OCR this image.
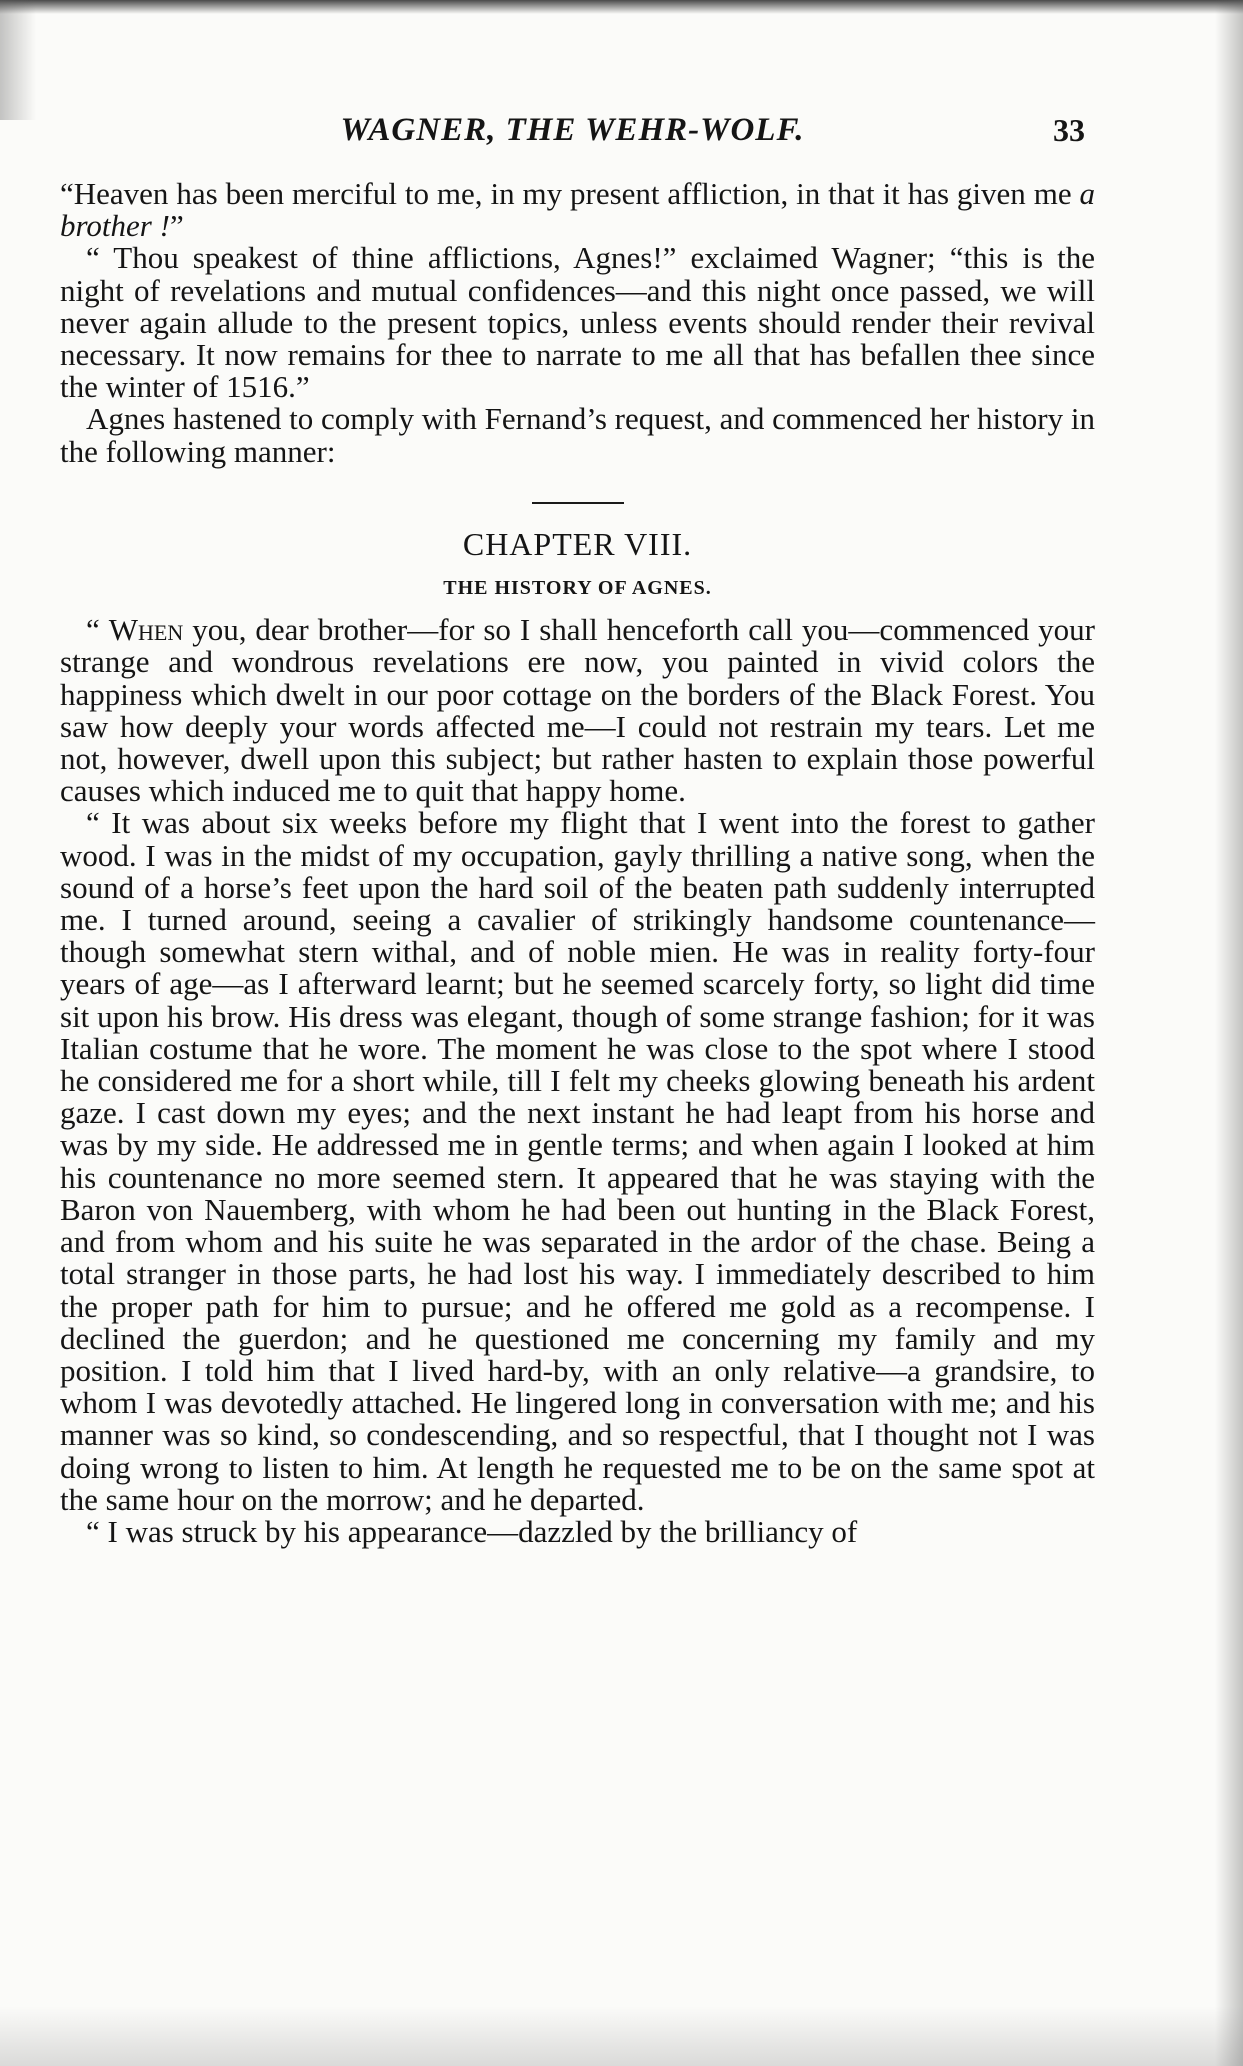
WAGNER, THE WEHR-WOLF.	33

“Heaven has been merciful to me, in my present affliction, in that it has given me a brother !”

“ Thou speakest of thine afflictions, Agnes!” exclaimed Wagner; “this is the night of revelations and mutual confidences—and this night once passed, we will never again allude to the present topics, unless events should render their revival necessary. It now remains for thee to narrate to me all that has befallen thee since the winter of 1516.”

Agnes hastened to comply with Fernand’s request, and commenced her history in the following manner:

CHAPTER VIII.
THE HISTORY OF AGNES.

“ When you, dear brother—for so I shall henceforth call you—commenced your strange and wondrous revelations ere now, you painted in vivid colors the happiness which dwelt in our poor cottage on the borders of the Black Forest. You saw how deeply your words affected me—I could not restrain my tears. Let me not, however, dwell upon this subject; but rather hasten to explain those powerful causes which induced me to quit that happy home.

“ It was about six weeks before my flight that I went into the forest to gather wood. I was in the midst of my occupation, gayly thrilling a native song, when the sound of a horse’s feet upon the hard soil of the beaten path suddenly interrupted me. I turned around, seeing a cavalier of strikingly handsome countenance—though somewhat stern withal, and of noble mien. He was in reality forty-four years of age—as I afterward learnt; but he seemed scarcely forty, so light did time sit upon his brow. His dress was elegant, though of some strange fashion; for it was Italian costume that he wore. The moment he was close to the spot where I stood he considered me for a short while, till I felt my cheeks glowing beneath his ardent gaze. I cast down my eyes; and the next instant he had leapt from his horse and was by my side. He addressed me in gentle terms; and when again I looked at him his countenance no more seemed stern. It appeared that he was staying with the Baron von Nauemberg, with whom he had been out hunting in the Black Forest, and from whom and his suite he was separated in the ardor of the chase. Being a total stranger in those parts, he had lost his way. I immediately described to him the proper path for him to pursue; and he offered me gold as a recompense. I declined the guerdon; and he questioned me concerning my family and my position. I told him that I lived hard-by, with an only relative—a grandsire, to whom I was devotedly attached. He lingered long in conversation with me; and his manner was so kind, so condescending, and so respectful, that I thought not I was doing wrong to listen to him. At length he requested me to be on the same spot at the same hour on the morrow; and he departed.

“ I was struck by his appearance—dazzled by the brilliancy of
